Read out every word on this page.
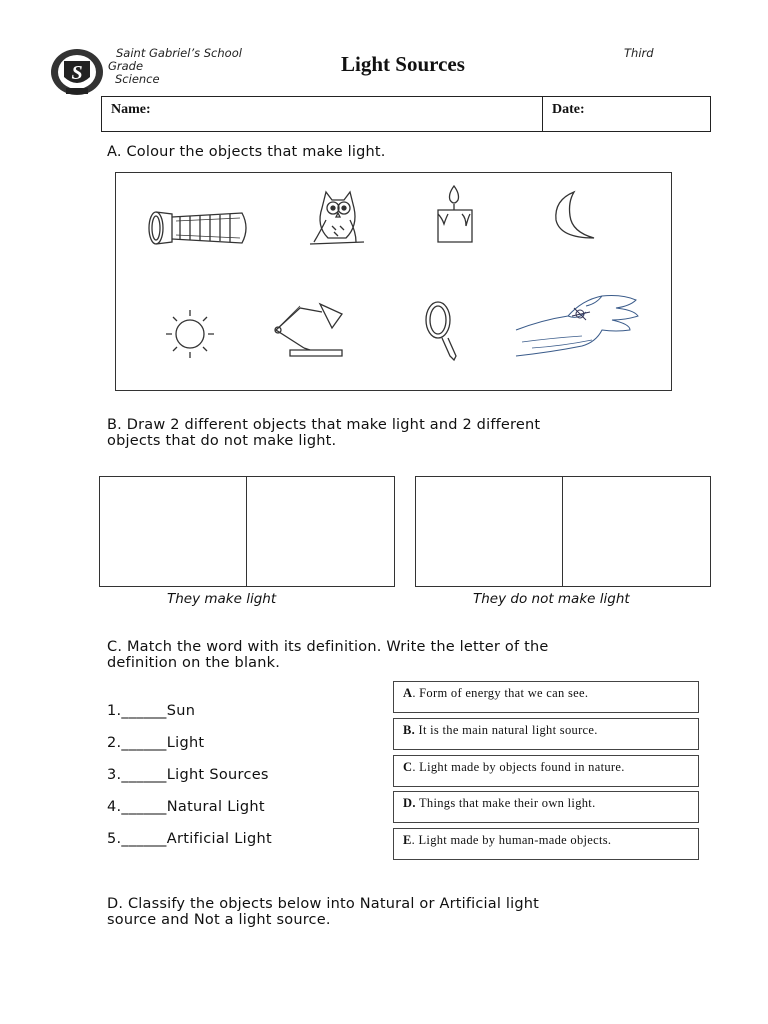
S
Saint Gabriel’s School
Grade
Science
Third
Light Sources
Name:	Date:
A. Colour the objects that make light.
B. Draw 2 different objects that make light and 2 different
objects that do not make light.
They make light	They do not make light
C. Match the word with its definition. Write the letter of the
definition on the blank.
1.______Sun
2.______Light
3.______Light Sources
4.______Natural Light
5.______Artificial Light
A. Form of energy that we can see.
B. It is the main natural light source.
C. Light made by objects found in nature.
D. Things that make their own light.
E. Light made by human-made objects.
D. Classify the objects below into Natural or Artificial light
source and Not a light source.
